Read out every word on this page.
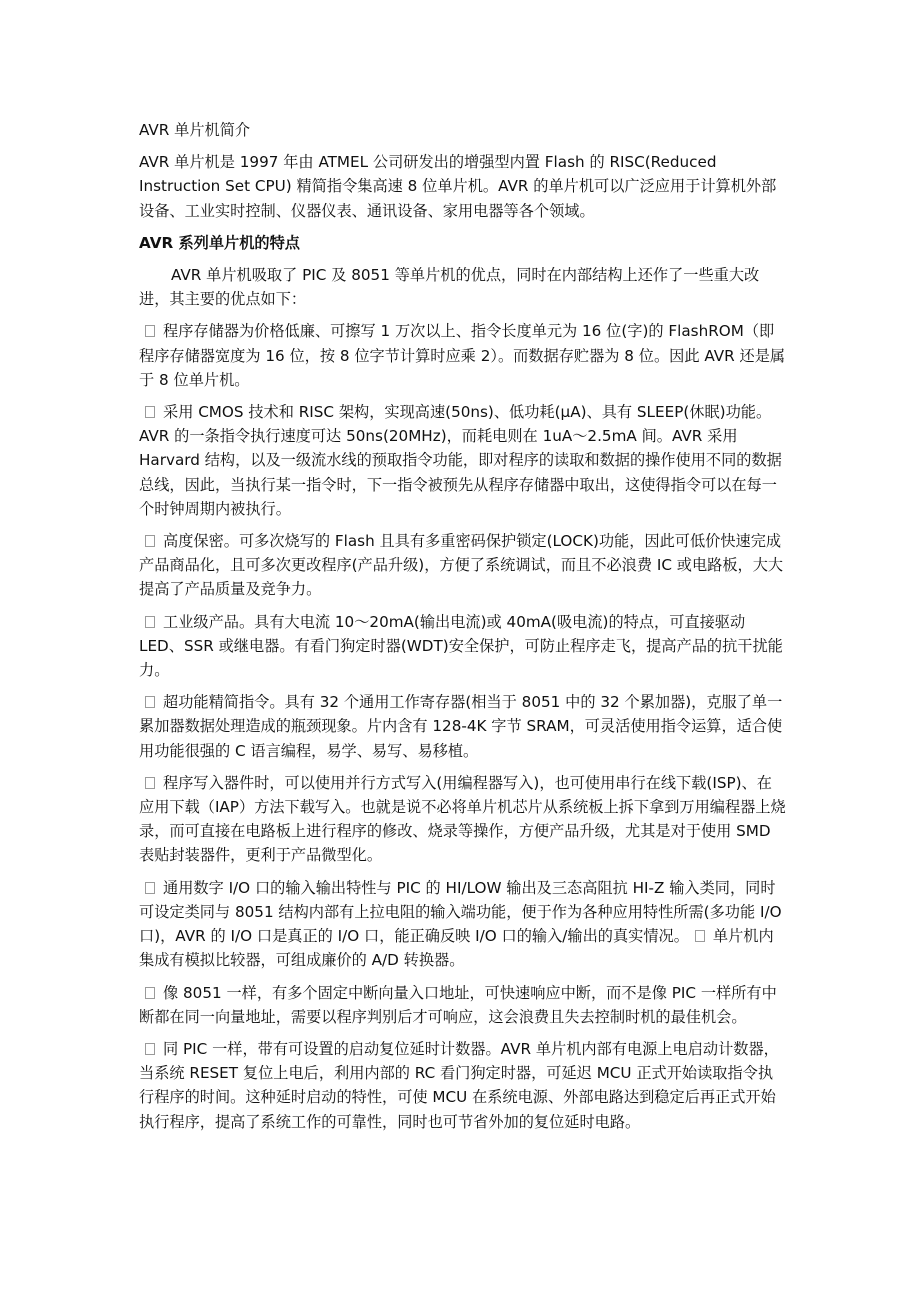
AVR 单片机简介

AVR 单片机是 1997 年由 ATMEL 公司研发出的增强型内置 Flash 的 RISC(Reduced Instruction Set CPU) 精简指令集高速 8 位单片机。AVR 的单片机可以广泛应用于计算机外部设备、工业实时控制、仪器仪表、通讯设备、家用电器等各个领域。

AVR 系列单片机的特点

AVR 单片机吸取了 PIC 及 8051 等单片机的优点，同时在内部结构上还作了一些重大改进，其主要的优点如下：

程序存储器为价格低廉、可擦写 1 万次以上、指令长度单元为 16 位(字)的 FlashROM（即程序存储器宽度为 16 位，按 8 位字节计算时应乘 2）。而数据存贮器为 8 位。因此 AVR 还是属于 8 位单片机。

采用 CMOS 技术和 RISC 架构，实现高速(50ns)、低功耗(μA)、具有 SLEEP(休眠)功能。AVR 的一条指令执行速度可达 50ns(20MHz)，而耗电则在 1uA～2.5mA 间。AVR 采用 Harvard 结构，以及一级流水线的预取指令功能，即对程序的读取和数据的操作使用不同的数据总线，因此，当执行某一指令时，下一指令被预先从程序存储器中取出，这使得指令可以在每一个时钟周期内被执行。

高度保密。可多次烧写的 Flash 且具有多重密码保护锁定(LOCK)功能，因此可低价快速完成产品商品化，且可多次更改程序(产品升级)，方便了系统调试，而且不必浪费 IC 或电路板，大大提高了产品质量及竞争力。

工业级产品。具有大电流 10～20mA(输出电流)或 40mA(吸电流)的特点，可直接驱动 LED、SSR 或继电器。有看门狗定时器(WDT)安全保护，可防止程序走飞，提高产品的抗干扰能力。

超功能精简指令。具有 32 个通用工作寄存器(相当于 8051 中的 32 个累加器)，克服了单一累加器数据处理造成的瓶颈现象。片内含有 128-4K 字节 SRAM，可灵活使用指令运算，适合使用功能很强的 C 语言编程，易学、易写、易移植。

程序写入器件时，可以使用并行方式写入(用编程器写入)，也可使用串行在线下载(ISP)、在应用下载（IAP）方法下载写入。也就是说不必将单片机芯片从系统板上拆下拿到万用编程器上烧录，而可直接在电路板上进行程序的修改、烧录等操作，方便产品升级，尤其是对于使用 SMD 表贴封装器件，更利于产品微型化。

通用数字 I/O 口的输入输出特性与 PIC 的 HI/LOW 输出及三态高阻抗 HI-Z 输入类同，同时可设定类同与 8051 结构内部有上拉电阻的输入端功能，便于作为各种应用特性所需(多功能 I/O 口)，AVR 的 I/O 口是真正的 I/O 口，能正确反映 I/O 口的输入/输出的真实情况。 单片机内集成有模拟比较器，可组成廉价的 A/D 转换器。

像 8051 一样，有多个固定中断向量入口地址，可快速响应中断，而不是像 PIC 一样所有中断都在同一向量地址，需要以程序判别后才可响应，这会浪费且失去控制时机的最佳机会。

同 PIC 一样，带有可设置的启动复位延时计数器。AVR 单片机内部有电源上电启动计数器，当系统 RESET 复位上电后，利用内部的 RC 看门狗定时器，可延迟 MCU 正式开始读取指令执行程序的时间。这种延时启动的特性，可使 MCU 在系统电源、外部电路达到稳定后再正式开始执行程序，提高了系统工作的可靠性，同时也可节省外加的复位延时电路。
